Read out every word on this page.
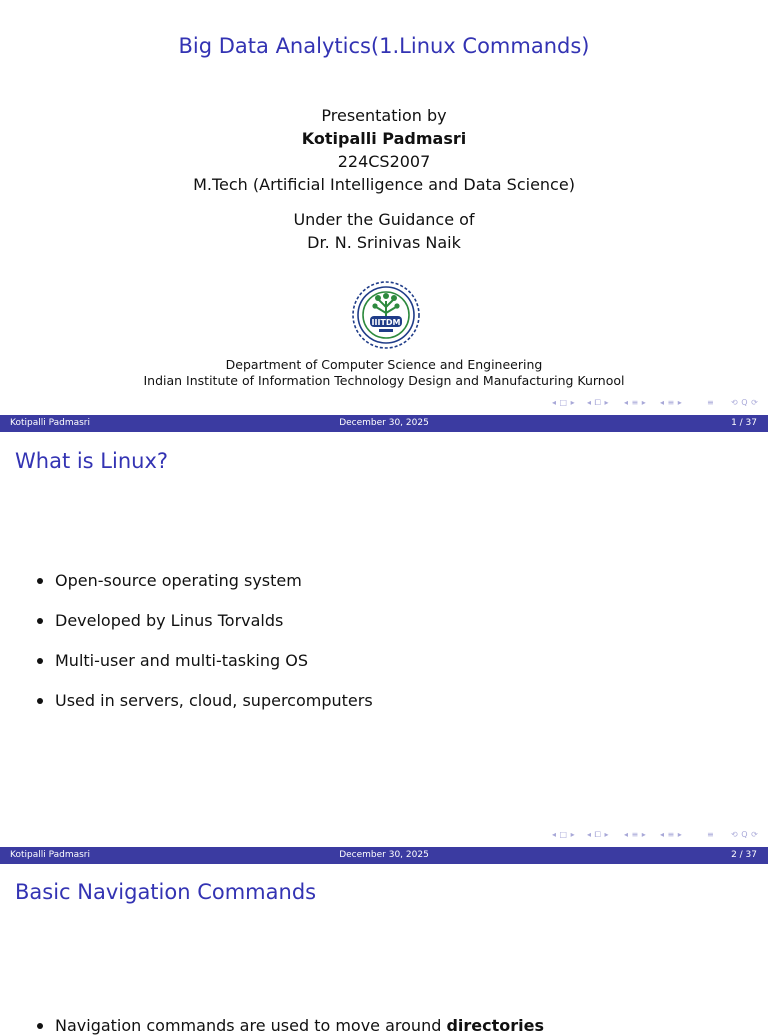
Big Data Analytics(1.Linux Commands)
Presentation by
Kotipalli Padmasri
224CS2007
M.Tech (Artificial Intelligence and Data Science)
Under the Guidance of
Dr. N. Srinivas Naik
IIITDM
Department of Computer Science and Engineering
Indian Institute of Information Technology Design and Manufacturing Kurnool
◂ □ ▸ ◂ ⧠ ▸ ◂ ≡ ▸ ◂ ≡ ▸	≡ ⟲ Q ⟳
Kotipalli Padmasri	December 30, 2025	1 / 37
What is Linux?
Open-source operating system
Developed by Linus Torvalds
Multi-user and multi-tasking OS
Used in servers, cloud, supercomputers
◂ □ ▸ ◂ ⧠ ▸ ◂ ≡ ▸ ◂ ≡ ▸	≡ ⟲ Q ⟳
Kotipalli Padmasri	December 30, 2025	2 / 37
Basic Navigation Commands
Navigation commands are used to move around directories
